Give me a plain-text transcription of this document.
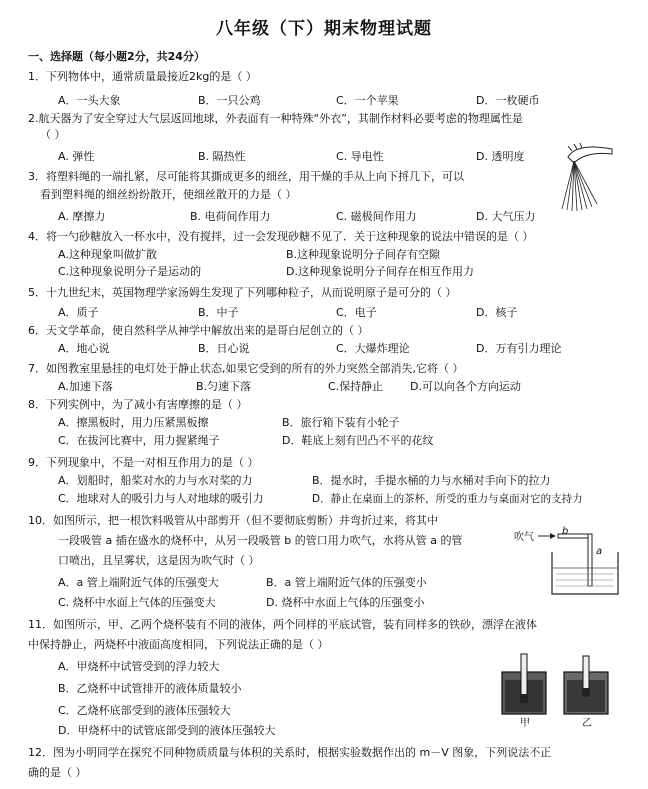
八年级（下）期末物理试题
一、选择题（每小题2分，共24分）
1．下列物体中，通常质量最接近2kg的是（ ）
A．一头大象	B．一只公鸡	C．一个苹果	D．一枚硬币
2.航天器为了安全穿过大气层返回地球，外表面有一种特殊“外衣”，其制作材料必要考虑的物理属性是
（ ）
A. 弹性	B. 隔热性	C. 导电性	D. 透明度
3．将塑料绳的一端扎紧，尽可能将其撕成更多的细丝，用干燥的手从上向下捋几下，可以
看到塑料绳的细丝纷纷散开，使细丝散开的力是（ ）
A. 摩擦力	B. 电荷间作用力	C. 磁极间作用力	D. 大气压力
4．将一勺砂糖放入一杯水中，没有搅拌，过一会发现砂糖不见了．关于这种现象的说法中错误的是（ ）
A.这种现象叫做扩散	B.这种现象说明分子间存有空隙
C.这种现象说明分子是运动的	D.这种现象说明分子间存在相互作用力
5．十九世纪末，英国物理学家汤姆生发现了下列哪种粒子，从而说明原子是可分的（ ）
A．质子	B．中子	C．电子	D．核子
6．天文学革命，使自然科学从神学中解放出来的是哥白尼创立的（ ）
A．地心说	B．日心说	C．大爆炸理论	D．万有引力理论
7．如图教室里悬挂的电灯处于静止状态,如果它受到的所有的外力突然全部消失,它将（ ）
A.加速下落	B.匀速下落	C.保持静止 D.可以向各个方向运动
8．下列实例中，为了减小有害摩擦的是（ ）
A．擦黑板时，用力压紧黑板擦	B．旅行箱下装有小轮子
C．在拔河比赛中，用力握紧绳子	D．鞋底上刻有凹凸不平的花纹
9．下列现象中，不是一对相互作用力的是（ ）
A．划船时，船桨对水的力与水对桨的力	B．提水时，手提水桶的力与水桶对手向下的拉力
C．地球对人的吸引力与人对地球的吸引力	D．静止在桌面上的茶杯，所受的重力与桌面对它的支持力
10．如图所示，把一根饮料吸管从中部剪开（但不要彻底剪断）并弯折过来，将其中
一段吸管 a 插在盛水的烧杯中，从另一段吸管 b 的管口用力吹气，水将从管 a 的管
口喷出，且呈雾状，这是因为吹气时（ ）
A．a 管上端附近气体的压强变大	B．a 管上端附近气体的压强变小
C. 烧杯中水面上气体的压强变大	D. 烧杯中水面上气体的压强变小
吹气
b
a
11．如图所示，甲、乙两个烧杯装有不同的液体，两个同样的平底试管，装有同样多的铁砂，漂浮在液体
中保持静止，两烧杯中液面高度相同，下列说法正确的是（ ）
A．甲烧杯中试管受到的浮力较大
B．乙烧杯中试管排开的液体质量较小
C．乙烧杯底部受到的液体压强较大
D．甲烧杯中的试管底部受到的液体压强较大
甲	乙
12．图为小明同学在探究不同种物质质量与体积的关系时，根据实验数据作出的 m－V 图象，下列说法不正
确的是（ ）
